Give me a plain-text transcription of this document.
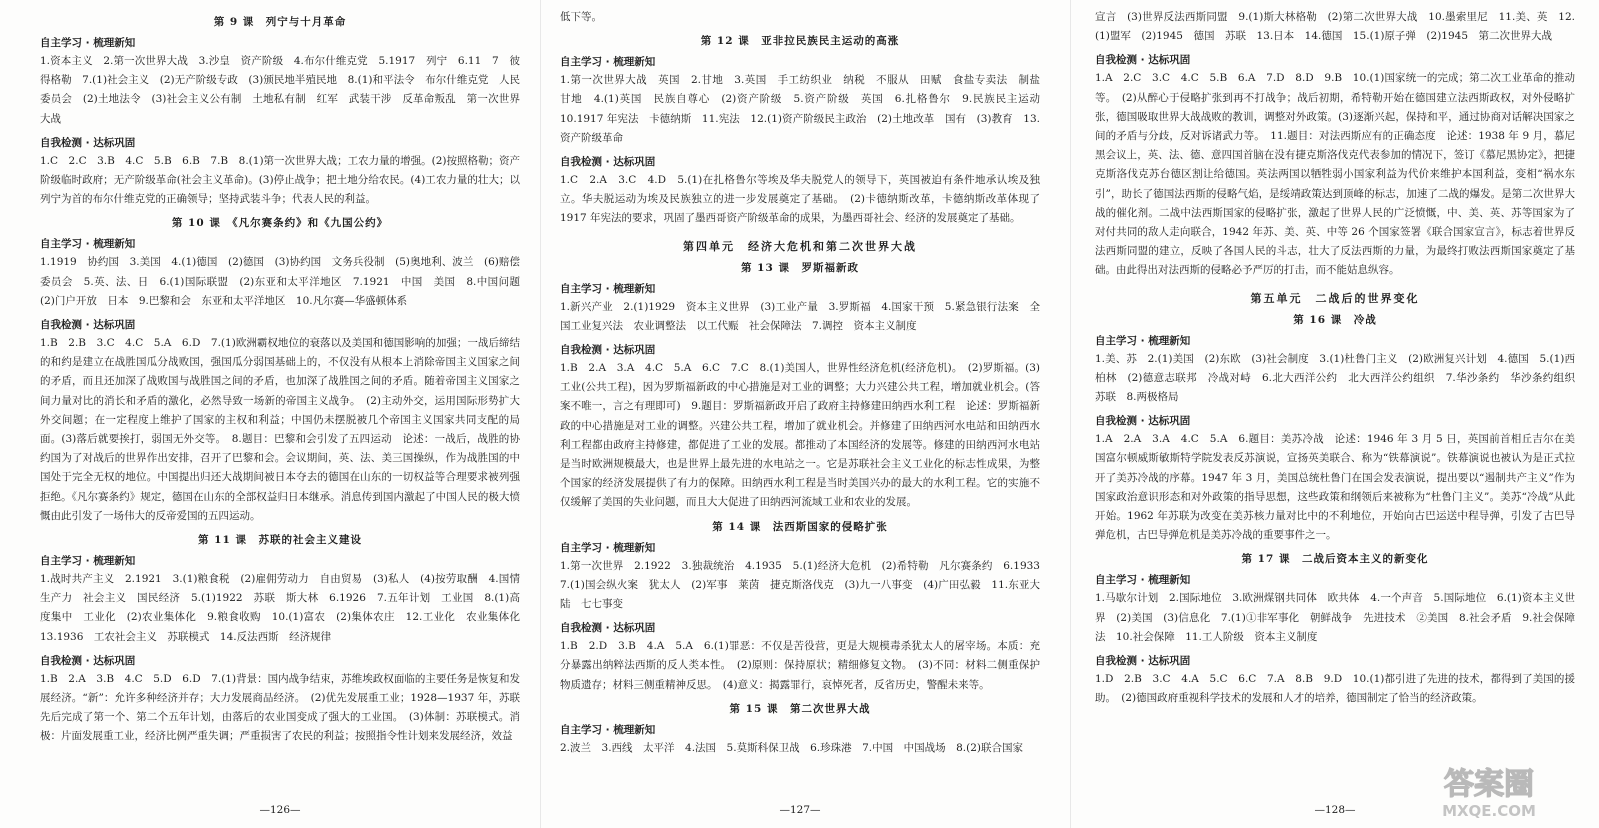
第 9 课　列宁与十月革命
自主学习 · 梳理新知
1.资本主义　2.第一次世界大战　3.沙皇　资产阶级　4.布尔什维克党　5.1917　列宁　6.11　7　彼得格勒　7.(1)社会主义　(2)无产阶级专政　(3)颁民地半殖民地　8.(1)和平法令　布尔什维克党　人民委员会　(2)土地法令　(3)社会主义公有制　土地私有制　红军　武装干涉　反革命叛乱　第一次世界大战
自我检测 · 达标巩固
1.C　2.C　3.B　4.C　5.B　6.B　7.B　8.(1)第一次世界大战；工农力量的增强。(2)按照格勒；资产阶级临时政府；无产阶级革命(社会主义革命)。(3)停止战争；把土地分给农民。(4)工农力量的壮大；以列宁为首的布尔什维克党的正确领导；坚持武装斗争；代表人民的利益。
第 10 课　《凡尔赛条约》和《九国公约》
自主学习 · 梳理新知
1.1919　协约国　3.美国　4.(1)德国　(2)德国　(3)协约国　文务兵役制　(5)奥地利、波兰　(6)赔偿委员会　5.英、法、日　6.(1)国际联盟　(2)东亚和太平洋地区　7.1921　中国　美国　8.中国问题　(2)门户开放　日本　9.巴黎和会　东亚和太平洋地区　10.凡尔赛—华盛顿体系
自我检测 · 达标巩固
1.B　2.B　3.C　4.C　5.A　6.D　7.(1)欧洲霸权地位的衰落以及美国和德国影响的加强；一战后缔结的和约是建立在战胜国瓜分战败国，强国瓜分弱国基础上的，不仅没有从根本上消除帝国主义国家之间的矛盾，而且还加深了战败国与战胜国之间的矛盾，也加深了战胜国之间的矛盾。随着帝国主义国家之间力量对比的消长和矛盾的激化，必然导致一场新的帝国主义战争。　(2)主动外交，运用国际形势扩大外交间题；在一定程度上维护了国家的主权和利益；中国仍未摆脱被几个帝国主义国家共同支配的局面。(3)落后就要挨打，弱国无外交等。　8.题目：巴黎和会引发了五四运动　论述：一战后，战胜的协约国为了对战后的世界作出安排，召开了巴黎和会。会议期间，英、法、美三国操纵，作为战胜国的中国处于完全无权的地位。中国提出归还大战期间被日本夺去的德国在山东的一切权益等合理要求被列强拒绝。《凡尔赛条约》规定，德国在山东的全部权益归日本继承。消息传到国内激起了中国人民的极大愤慨由此引发了一场伟大的反帝爱国的五四运动。
第 11 课　苏联的社会主义建设
自主学习 · 梳理新知
1.战时共产主义　2.1921　3.(1)粮食税　(2)雇佣劳动力　自由贸易　(3)私人　(4)按劳取酬　4.国情　生产力　社会主义　国民经济　5.(1)1922　苏联　斯大林　6.1926　7.五年计划　工业国　8.(1)高度集中　工业化　(2)农业集体化　9.粮食收购　10.(1)富农　(2)集体农庄　12.工业化　农业集体化　13.1936　工农社会主义　苏联模式　14.反法西斯　经济规律
自我检测 · 达标巩固
1.B　2.A　3.B　4.C　5.D　6.D　7.(1)背景：国内战争结束，苏维埃政权面临的主要任务是恢复和发展经济。“新”：允许多种经济并存；大力发展商品经济。　(2)优先发展重工业；1928—1937 年，苏联先后完成了第一个、第二个五年计划，由落后的农业国变成了强大的工业国。　(3)体制：苏联模式。消极：片面发展重工业，经济比例严重失调；严重损害了农民的利益；按照指令性计划来发展经济，效益
—126—
低下等。
第 12 课　亚非拉民族民主运动的高涨
自主学习 · 梳理新知
1.第一次世界大战　英国　2.甘地　3.英国　手工纺织业　纳税　不服从　田赋　食盐专卖法　制盐　甘地　4.(1)英国　民族自尊心　(2)资产阶级　5.资产阶级　英国　6.扎格鲁尔　9.民族民主运动　10.1917 年宪法　卡德纳斯　11.宪法　12.(1)资产阶级民主政治　(2)土地改革　国有　(3)教育　13.资产阶级革命
自我检测 · 达标巩固
1.C　2.A　3.C　4.D　5.(1)在扎格鲁尔等埃及华夫脱党人的领导下，英国被迫有条件地承认埃及独立。华夫脱运动为埃及民族独立的进一步发展奠定了基础。　(2)卡德纳斯改革，卡德纳斯改革体现了 1917 年宪法的要求，巩固了墨西哥资产阶级革命的成果，为墨西哥社会、经济的发展奠定了基础。
第四单元　经济大危机和第二次世界大战
第 13 课　罗斯福新政
自主学习 · 梳理新知
1.新兴产业　2.(1)1929　资本主义世界　(3)工业产量　3.罗斯福　4.国家干预　5.紧急银行法案　全国工业复兴法　农业调整法　以工代赈　社会保障法　7.调控　资本主义制度
自我检测 · 达标巩固
1.B　2.A　3.A　4.C　5.A　6.C　7.C　8.(1)美国人，世界性经济危机(经济危机)。　(2)罗斯福。(3)工业(公共工程)，因为罗斯福新政的中心措施是对工业的调整；大力兴建公共工程，增加就业机会。(答案不唯一，言之有理即可)　9.题目：罗斯福新政开启了政府主持修建田纳西水利工程　论述：罗斯福新政的中心措施是对工业的调整。兴建公共工程，增加了就业机会。并修建了田纳西河水电站和田纳西水利工程都由政府主持修建，都促进了工业的发展。都推动了本国经济的发展等。修建的田纳西河水电站是当时欧洲规模最大，也是世界上最先进的水电站之一。它是苏联社会主义工业化的标志性成果，为整个国家的经济发展提供了有力的保障。田纳西水利工程是当时美国兴办的最大的水利工程。它的实施不仅缓解了美国的失业问题，而且大大促进了田纳西河流域工业和农业的发展。
第 14 课　法西斯国家的侵略扩张
自主学习 · 梳理新知
1.第一次世界　2.1922　3.独裁统治　4.1935　5.(1)经济大危机　(2)希特勒　凡尔赛条约　6.1933　7.(1)国会纵火案　犹太人　(2)军事　莱茵　捷克斯洛伐克　(3)九一八事变　(4)广田弘毅　11.东亚大陆　七七事变
自我检测 · 达标巩固
1.B　2.D　3.B　4.A　5.A　6.(1)罪恶：不仅是苦役营，更是大规模毒杀犹太人的屠宰场。本质：充分暴露出纳粹法西斯的反人类本性。　(2)原则：保持原状；精细修复文物。　(3)不同：材料二侧重保护物质遗存；材料三侧重精神反思。　(4)意义：揭露罪行，哀悼死者，反省历史，警醒未来等。
第 15 课　第二次世界大战
自主学习 · 梳理新知
2.波兰　3.西线　太平洋　4.法国　5.莫斯科保卫战　6.珍珠港　7.中国　中国战场　8.(2)联合国家
—127—
宣言　(3)世界反法西斯同盟　9.(1)斯大林格勒　(2)第二次世界大战　10.墨索里尼　11.美、英　12.(1)盟军　(2)1945　德国　苏联　13.日本　14.德国　15.(1)原子弹　(2)1945　第二次世界大战
自我检测 · 达标巩固
1.A　2.C　3.C　4.C　5.B　6.A　7.D　8.D　9.B　10.(1)国家统一的完成；第二次工业革命的推动等。　(2)从醉心于侵略扩张到再不打战争；战后初期，希特勒开始在德国建立法西斯政权，对外侵略扩张，德国吸取世界大战战败的教训，调整对外政策。(3)逐渐兴起，保持和平，通过协商对话解决国家之间的矛盾与分歧，反对诉诸武力等。　11.题目：对法西斯应有的正确态度　论述：1938 年 9 月，慕尼黑会议上，英、法、德、意四国首脑在没有捷克斯洛伐克代表参加的情况下，签订《慕尼黑协定》，把捷克斯洛伐克苏台德区割让给德国。英法两国以牺牲弱小国家利益为代价来维护本国利益，变相“祸水东引”，助长了德国法西斯的侵略气焰，是绥靖政策达到顶峰的标志，加速了二战的爆发。是第二次世界大战的催化剂。二战中法西斯国家的侵略扩张，激起了世界人民的广泛愤慨，中、美、英、苏等国家为了对付共同的敌人走向联合，1942 年苏、美、英、中等 26 个国家签署《联合国家宣言》，标志着世界反法西斯同盟的建立，反映了各国人民的斗志，壮大了反法西斯的力量，为最终打败法西斯国家奠定了基础。由此得出对法西斯的侵略必予严厉的打击，而不能姑息纵容。
第五单元　二战后的世界变化
第 16 课　冷战
自主学习 · 梳理新知
1.美、苏　2.(1)美国　(2)东欧　(3)社会制度　3.(1)杜鲁门主义　(2)欧洲复兴计划　4.德国　5.(1)西柏林　(2)德意志联邦　冷战对峙　6.北大西洋公约　北大西洋公约组织　7.华沙条约　华沙条约组织　苏联　8.两极格局
自我检测 · 达标巩固
1.A　2.A　3.A　4.C　5.A　6.题目：美苏冷战　论述：1946 年 3 月 5 日，英国前首相丘吉尔在美国富尔顿威斯敏斯特学院发表反苏演说，宣扬英美联合、称为“铁幕演说”。铁幕演说也被认为是正式拉开了美苏冷战的序幕。1947 年 3 月，美国总统杜鲁门在国会发表演说，提出要以“遏制共产主义”作为国家政治意识形态和对外政策的指导思想，这些政策和纲领后来被称为“杜鲁门主义”。美苏“冷战”从此开始。1962 年苏联为改变在美苏核力量对比中的不利地位，开始向古巴运送中程导弹，引发了古巴导弹危机，古巴导弹危机是美苏冷战的重要事件之一。
第 17 课　二战后资本主义的新变化
自主学习 · 梳理新知
1.马歇尔计划　2.国际地位　3.欧洲煤钢共同体　欧共体　4.一个声音　5.国际地位　6.(1)资本主义世界　(2)美国　(3)信息化　7.(1)①非军事化　朝鲜战争　先进技术　②美国　8.社会矛盾　9.社会保障法　10.社会保障　11.工人阶级　资本主义制度
自我检测 · 达标巩固
1.D　2.B　3.C　4.A　5.C　6.C　7.A　8.B　9.D　10.(1)都引进了先进的技术，都得到了美国的援助。　(2)德国政府重视科学技术的发展和人才的培养，德国制定了恰当的经济政策。
—128—
答案圈
MXQE.COM
